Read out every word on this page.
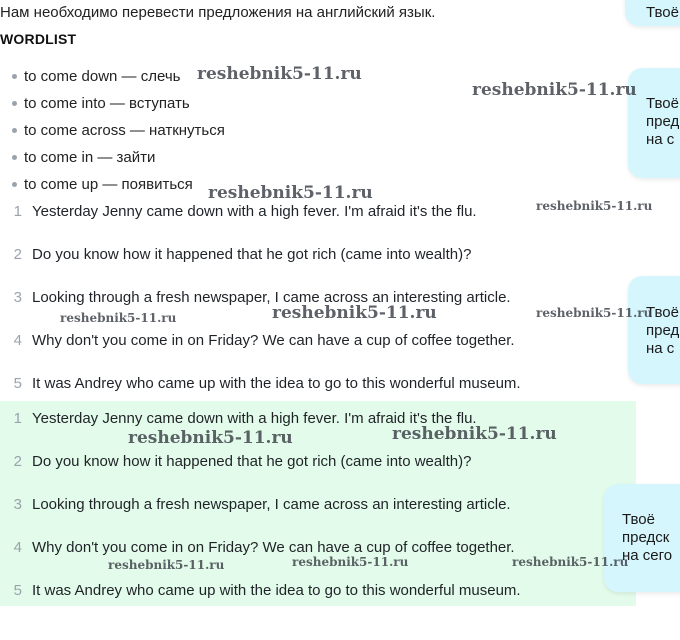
Нам необходимо перевести предложения на английский язык.
WORDLIST
to come down — слечь
to come into — вступать
to come across — наткнуться
to come in — зайти
to come up — появиться
1 Yesterday Jenny came down with a high fever. I'm afraid it's the flu.
2 Do you know how it happened that he got rich (came into wealth)?
3 Looking through a fresh newspaper, I came across an interesting article.
4 Why don't you come in on Friday? We can have a cup of coffee together.
5 It was Andrey who came up with the idea to go to this wonderful museum.
1 Yesterday Jenny came down with a high fever. I'm afraid it's the flu.
2 Do you know how it happened that he got rich (came into wealth)?
3 Looking through a fresh newspaper, I came across an interesting article.
4 Why don't you come in on Friday? We can have a cup of coffee together.
5 It was Andrey who came up with the idea to go to this wonderful museum.
Твоё
Твоё
пред
на с
Твоё
пред
на с
Твоё
предск
на сего
reshebnik5-11.ru
reshebnik5-11.ru
reshebnik5-11.ru
reshebnik5-11.ru
reshebnik5-11.ru	reshebnik5-11.ru	reshebnik5-11.ru
reshebnik5-11.ru	reshebnik5-11.ru
reshebnik5-11.ru	reshebnik5-11.ru	reshebnik5-11.ru
